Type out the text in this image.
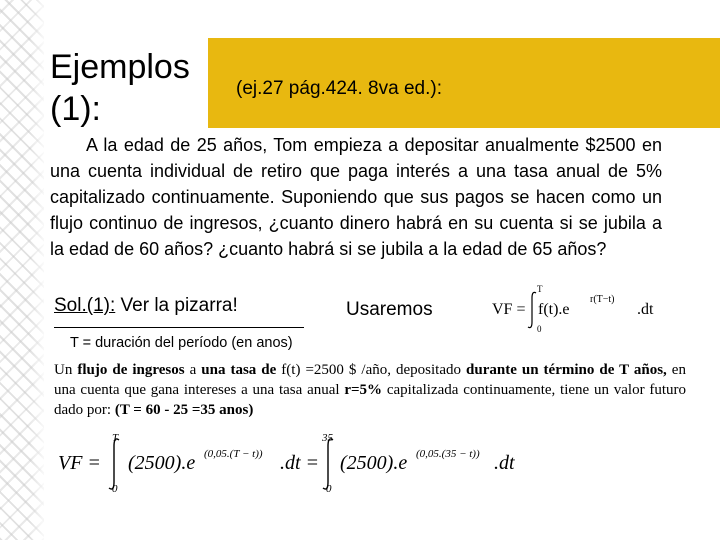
Ejemplos (1):
(ej.27 pág.424. 8va ed.):
A la edad de 25 años, Tom empieza a depositar anualmente $2500 en una cuenta individual de retiro que paga interés a una tasa anual de 5% capitalizado continuamente. Suponiendo que sus pagos se hacen como un flujo continuo de ingresos, ¿cuanto dinero habrá en su cuenta si se jubila a la edad de 60 años? ¿cuanto habrá si se jubila a la edad de 65 años?
Sol.(1): Ver la pizarra!	Usaremos	VF =
T
0
f(t).e
r(T−t)
.dt
T = duración del período (en anos)
Un flujo de ingresos a una tasa de f(t) =2500 $ /año, depositado durante un término de T años, en una cuenta que gana intereses a una tasa anual r=5% capitalizada continuamente, tiene un valor futuro dado por: (T = 60 - 25 =35 anos)
VF =
T
0
(2500).e (0,05.(T − t)) .dt =
35
0
(2500).e (0,05.(35 − t)) .dt
